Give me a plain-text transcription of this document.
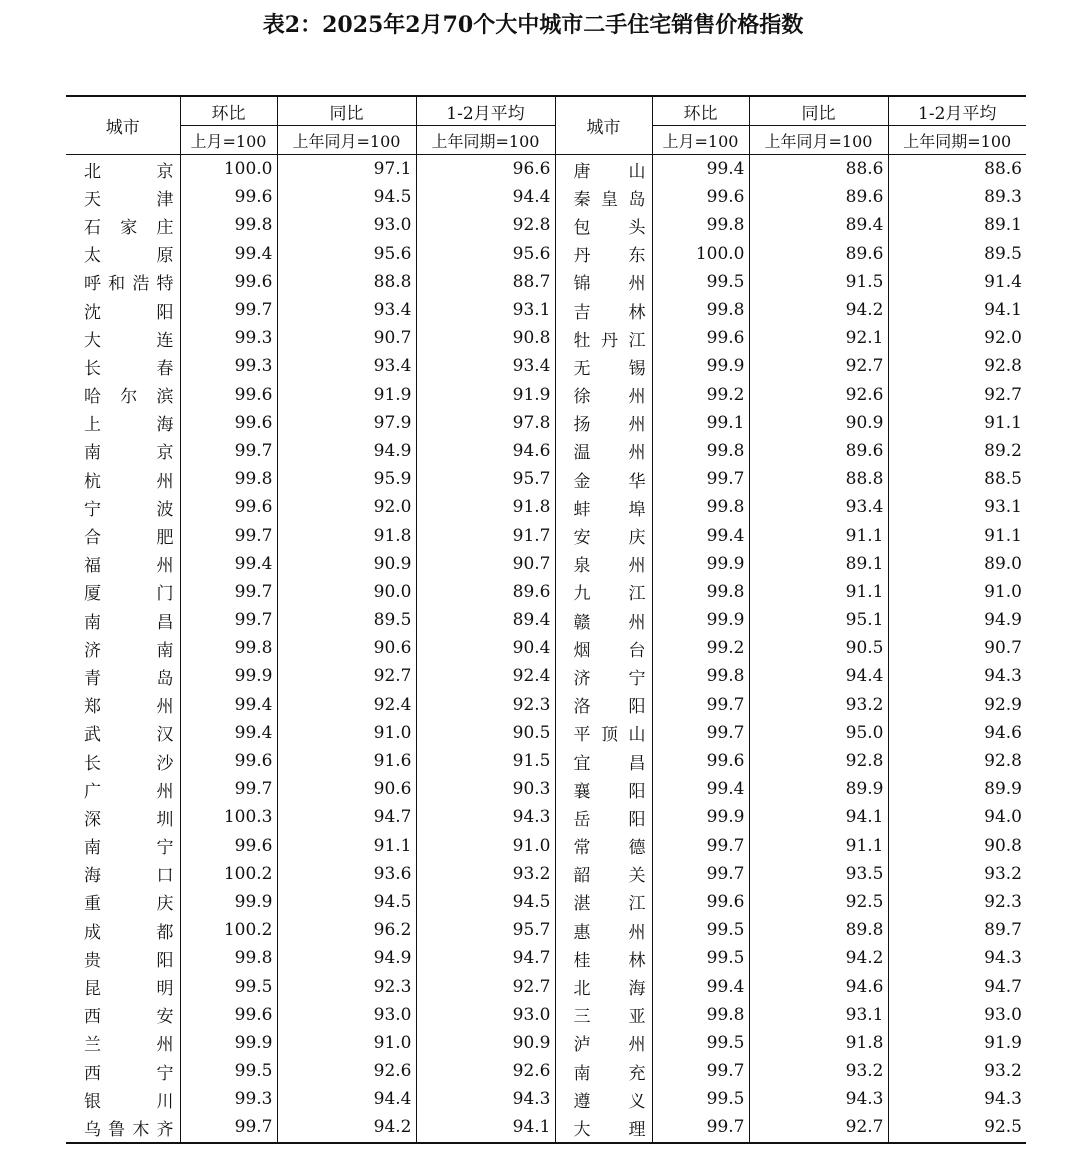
表2：2025年2月70个大中城市二手住宅销售价格指数
城市	环比	同比	1-2月平均	城市	环比	同比	1-2月平均
	上月=100	上年同月=100	上年同期=100		上月=100	上年同月=100	上年同期=100
北京	100.0	97.1	96.6	唐山	99.4	88.6	88.6
天津	99.6	94.5	94.4	秦皇岛	99.6	89.6	89.3
石家庄	99.8	93.0	92.8	包头	99.8	89.4	89.1
太原	99.4	95.6	95.6	丹东	100.0	89.6	89.5
呼和浩特	99.6	88.8	88.7	锦州	99.5	91.5	91.4
沈阳	99.7	93.4	93.1	吉林	99.8	94.2	94.1
大连	99.3	90.7	90.8	牡丹江	99.6	92.1	92.0
长春	99.3	93.4	93.4	无锡	99.9	92.7	92.8
哈尔滨	99.6	91.9	91.9	徐州	99.2	92.6	92.7
上海	99.6	97.9	97.8	扬州	99.1	90.9	91.1
南京	99.7	94.9	94.6	温州	99.8	89.6	89.2
杭州	99.8	95.9	95.7	金华	99.7	88.8	88.5
宁波	99.6	92.0	91.8	蚌埠	99.8	93.4	93.1
合肥	99.7	91.8	91.7	安庆	99.4	91.1	91.1
福州	99.4	90.9	90.7	泉州	99.9	89.1	89.0
厦门	99.7	90.0	89.6	九江	99.8	91.1	91.0
南昌	99.7	89.5	89.4	赣州	99.9	95.1	94.9
济南	99.8	90.6	90.4	烟台	99.2	90.5	90.7
青岛	99.9	92.7	92.4	济宁	99.8	94.4	94.3
郑州	99.4	92.4	92.3	洛阳	99.7	93.2	92.9
武汉	99.4	91.0	90.5	平顶山	99.7	95.0	94.6
长沙	99.6	91.6	91.5	宜昌	99.6	92.8	92.8
广州	99.7	90.6	90.3	襄阳	99.4	89.9	89.9
深圳	100.3	94.7	94.3	岳阳	99.9	94.1	94.0
南宁	99.6	91.1	91.0	常德	99.7	91.1	90.8
海口	100.2	93.6	93.2	韶关	99.7	93.5	93.2
重庆	99.9	94.5	94.5	湛江	99.6	92.5	92.3
成都	100.2	96.2	95.7	惠州	99.5	89.8	89.7
贵阳	99.8	94.9	94.7	桂林	99.5	94.2	94.3
昆明	99.5	92.3	92.7	北海	99.4	94.6	94.7
西安	99.6	93.0	93.0	三亚	99.8	93.1	93.0
兰州	99.9	91.0	90.9	泸州	99.5	91.8	91.9
西宁	99.5	92.6	92.6	南充	99.7	93.2	93.2
银川	99.3	94.4	94.3	遵义	99.5	94.3	94.3
乌鲁木齐	99.7	94.2	94.1	大理	99.7	92.7	92.5
